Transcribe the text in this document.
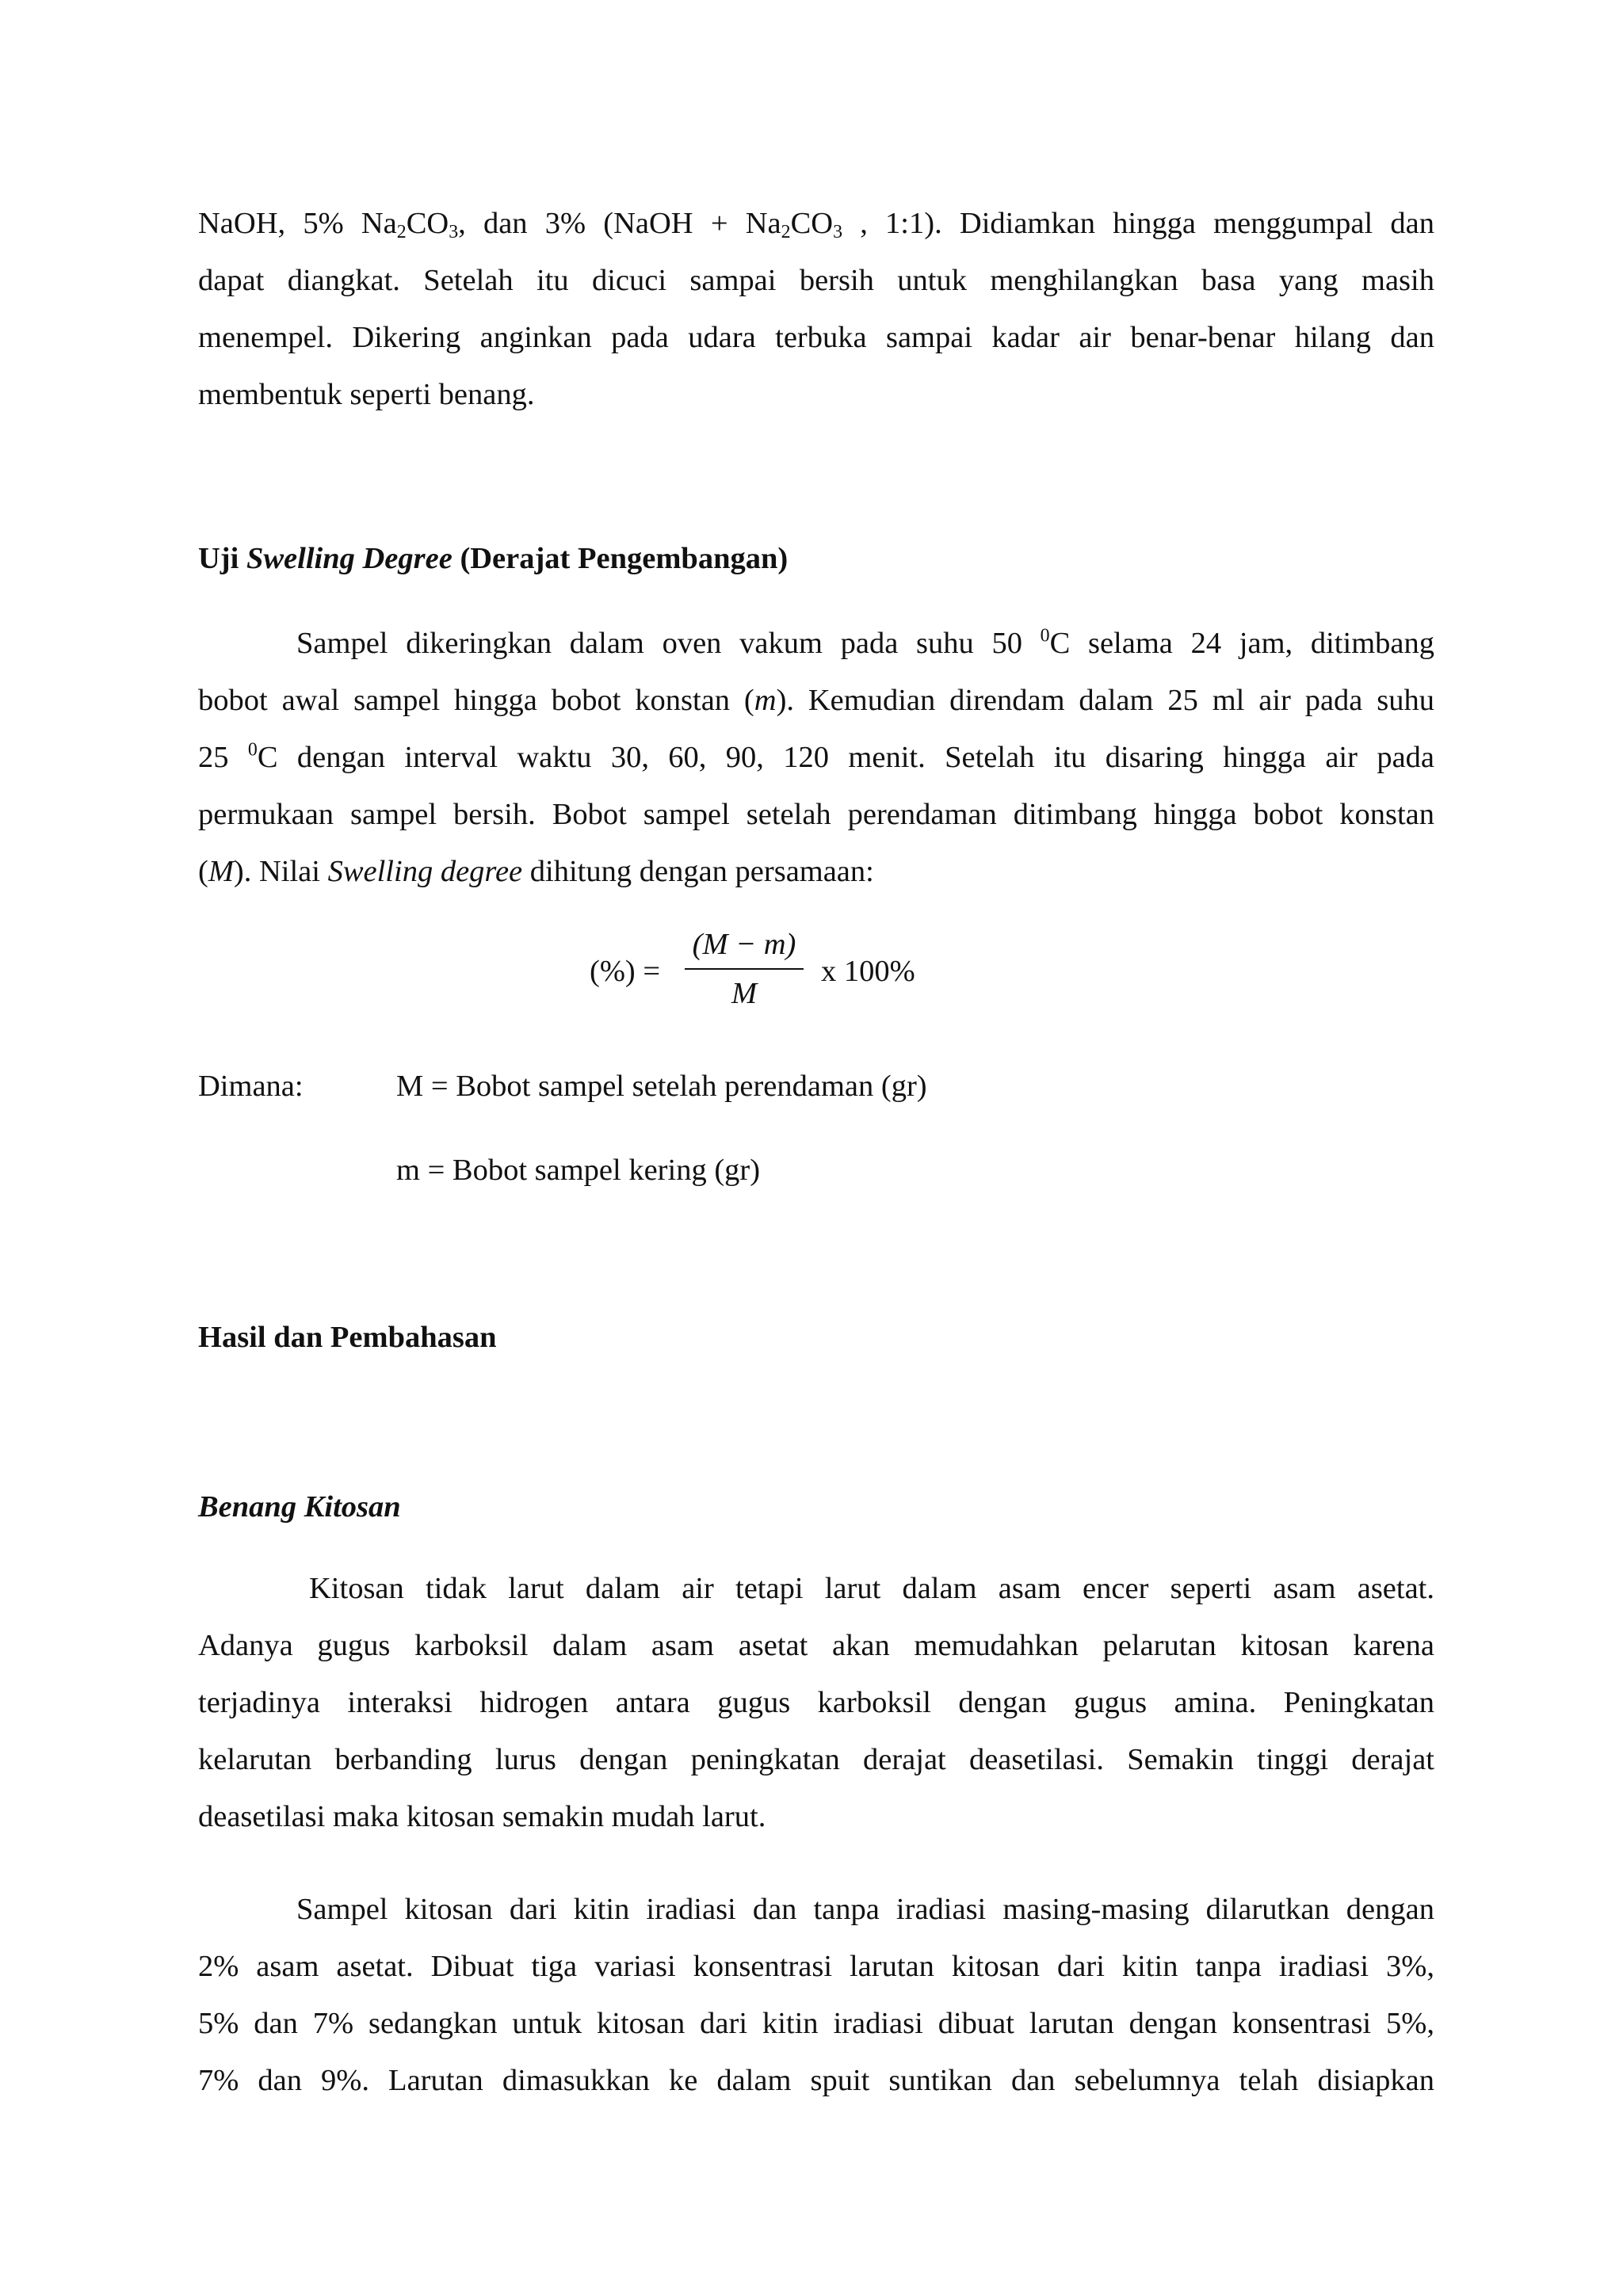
NaOH, 5% $Na_2CO_3$, dan 3% (NaOH + $Na_2CO_3$ , 1:1). Didiamkan hingga menggumpal dan
dapat diangkat. Setelah itu dicuci sampai bersih untuk menghilangkan basa yang masih
menempel. Dikering anginkan pada udara terbuka sampai kadar air benar-benar hilang dan
membentuk seperti benang.
Uji Swelling Degree (Derajat Pengembangan)
Sampel dikeringkan dalam oven vakum pada suhu 50 $^0$C selama 24 jam, ditimbang
bobot awal sampel hingga bobot konstan (m). Kemudian direndam dalam 25 ml air pada suhu
25 $^0$C dengan interval waktu 30, 60, 90, 120 menit. Setelah itu disaring hingga air pada
permukaan sampel bersih. Bobot sampel setelah perendaman ditimbang hingga bobot konstan
(M). Nilai Swelling degree dihitung dengan persamaan:
(%) =
(M − m)
M
x 100%
Dimana:	M = Bobot sampel setelah perendaman (gr)
m = Bobot sampel kering (gr)
Hasil dan Pembahasan
Benang Kitosan
Kitosan tidak larut dalam air tetapi larut dalam asam encer seperti asam asetat.
Adanya gugus karboksil dalam asam asetat akan memudahkan pelarutan kitosan karena
terjadinya interaksi hidrogen antara gugus karboksil dengan gugus amina. Peningkatan
kelarutan berbanding lurus dengan peningkatan derajat deasetilasi. Semakin tinggi derajat
deasetilasi maka kitosan semakin mudah larut.
Sampel kitosan dari kitin iradiasi dan tanpa iradiasi masing-masing dilarutkan dengan
2% asam asetat. Dibuat tiga variasi konsentrasi larutan kitosan dari kitin tanpa iradiasi 3%,
5% dan 7% sedangkan untuk kitosan dari kitin iradiasi dibuat larutan dengan konsentrasi 5%,
7% dan 9%. Larutan dimasukkan ke dalam spuit suntikan dan sebelumnya telah disiapkan
